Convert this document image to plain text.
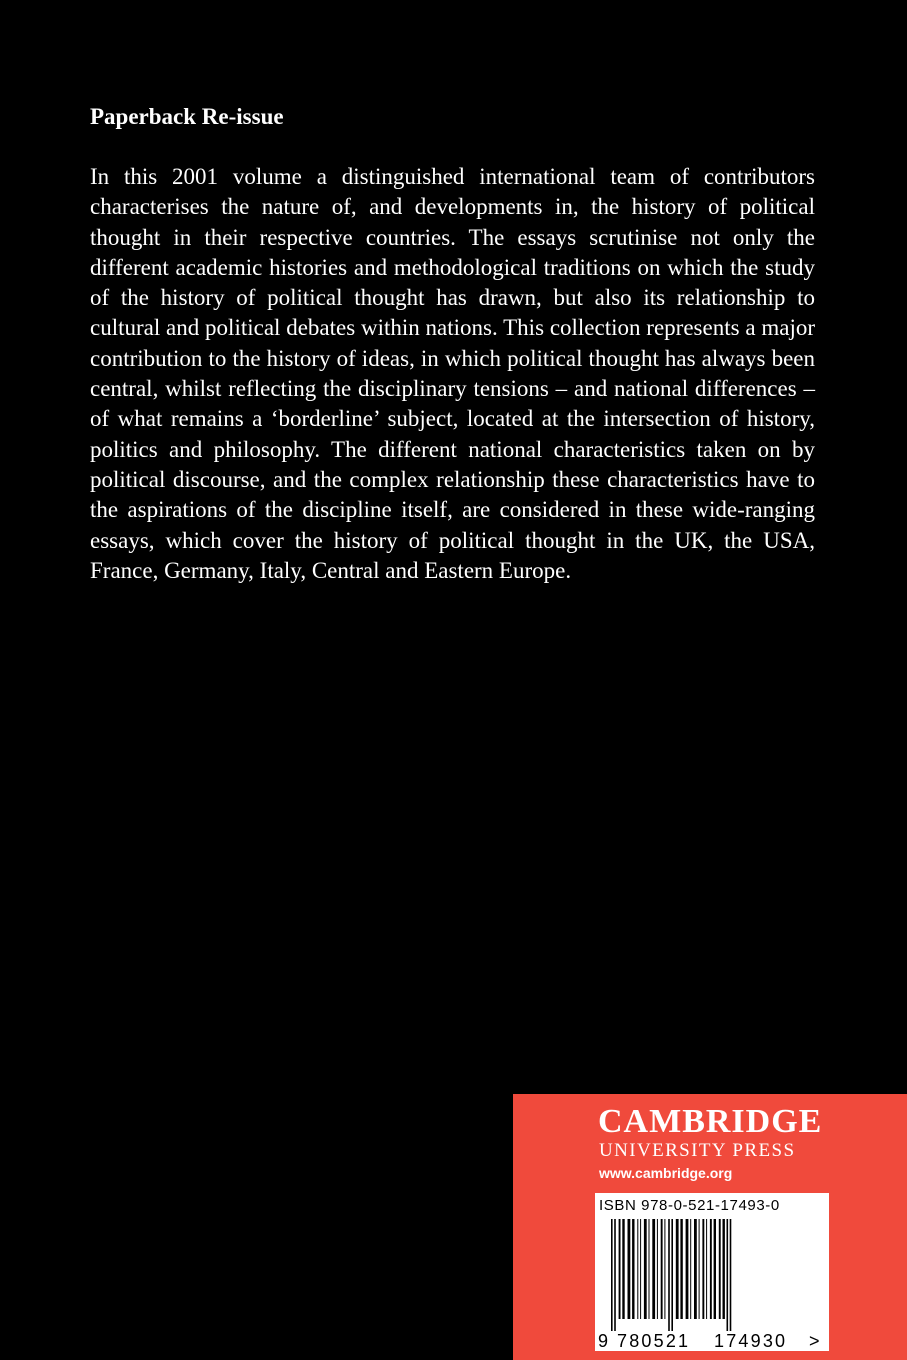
Paperback Re-issue

In this 2001 volume a distinguished international team of contributors characterises the nature of, and developments in, the history of political thought in their respective countries. The essays scrutinise not only the different academic histories and methodological traditions on which the study of the history of political thought has drawn, but also its relationship to cultural and political debates within nations. This collection represents a major contribution to the history of ideas, in which political thought has always been central, whilst reflecting the disciplinary tensions – and national differences – of what remains a ‘borderline’ subject, located at the intersection of history, politics and philosophy. The different national characteristics taken on by political discourse, and the complex relationship these characteristics have to the aspirations of the discipline itself, are considered in these wide-ranging essays, which cover the history of political thought in the UK, the USA, France, Germany, Italy, Central and Eastern Europe.

CAMBRIDGE
UNIVERSITY PRESS
www.cambridge.org
ISBN 978-0-521-17493-0
9 780521 174930 >
